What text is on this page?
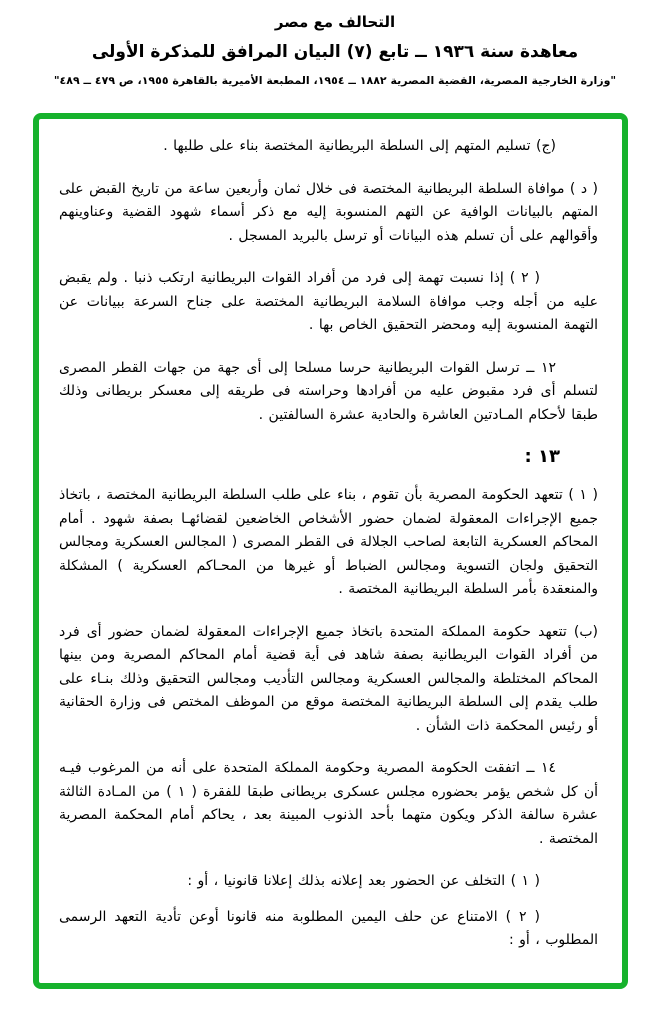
التحالف مع مصر
معاهدة سنة ١٩٣٦ ــ تابع (٧) البيان المرافق للمذكرة الأولى
"وزارة الخارجية المصرية، القضية المصرية ١٨٨٢ ــ ١٩٥٤، المطبعة الأميرية بالقاهرة ١٩٥٥، ص ٤٧٩ ــ ٤٨٩"

(ج) تسليم المتهم إلى السلطة البريطانية المختصة بناء على طلبها .

( د ) موافاة السلطة البريطانية المختصة فى خلال ثمان وأربعين ساعة من تاريخ القبض على المتهم بالبيانات الوافية عن التهم المنسوبة إليه مع ذكر أسماء شهود القضية وعناوينهم وأقوالهم على أن تسلم هذه البيانات أو ترسل بالبريد المسجل .

( ٢ ) إذا نسبت تهمة إلى فرد من أفراد القوات البريطانية ارتكب ذنبا . ولم يقبض عليه من أجله وجب موافاة السلامة البريطانية المختصة على جناح السرعة ببيانات عن التهمة المنسوبة إليه ومحضر التحقيق الخاص بها .

١٢ ــ ترسل القوات البريطانية حرسا مسلحا إلى أى جهة من جهات القطر المصرى لتسلم أى فرد مقبوض عليه من أفرادها وحراسته فى طريقه إلى معسكر بريطانى وذلك طبقا لأحكام المـادتين العاشرة والحادية عشرة السالفتين .

١٣ :

( ١ ) تتعهد الحكومة المصرية بأن تقوم ، بناء على طلب السلطة البريطانية المختصة ، باتخاذ جميع الإجراءات المعقولة لضمان حضور الأشخاص الخاضعين لقضائهـا بصفة شهود . أمام المحاكم العسكرية التابعة لصاحب الجلالة فى القطر المصرى ( المجالس العسكرية ومجالس التحقيق ولجان التسوية ومجالس الضباط أو غيرها من المحـاكم العسكرية ) المشكلة والمنعقدة بأمر السلطة البريطانية المختصة .

(ب) تتعهد حكومة المملكة المتحدة باتخاذ جميع الإجراءات المعقولة لضمان حضور أى فرد من أفراد القوات البريطانية بصفة شاهد فى أية قضية أمام المحاكم المصرية ومن بينها المحاكم المختلطة والمجالس العسكرية ومجالس التأديب ومجالس التحقيق وذلك بنـاء على طلب يقدم إلى السلطة البريطانية المختصة موقع من الموظف المختص فى وزارة الحقانية أو رئيس المحكمة ذات الشأن .

١٤ ــ اتفقت الحكومة المصرية وحكومة المملكة المتحدة على أنه من المرغوب فيـه أن كل شخص يؤمر بحضوره مجلس عسكرى بريطانى طبقا للفقرة ( ١ ) من المـادة الثالثة عشرة سالفة الذكر ويكون متهما بأحد الذنوب المبينة بعد ، يحاكم أمام المحكمة المصرية المختصة .

( ١ ) التخلف عن الحضور بعد إعلانه بذلك إعلانا قانونيا ، أو :

( ٢ ) الامتناع عن حلف اليمين المطلوبة منه قانونا أوعن تأدية التعهد الرسمى المطلوب ، أو :
